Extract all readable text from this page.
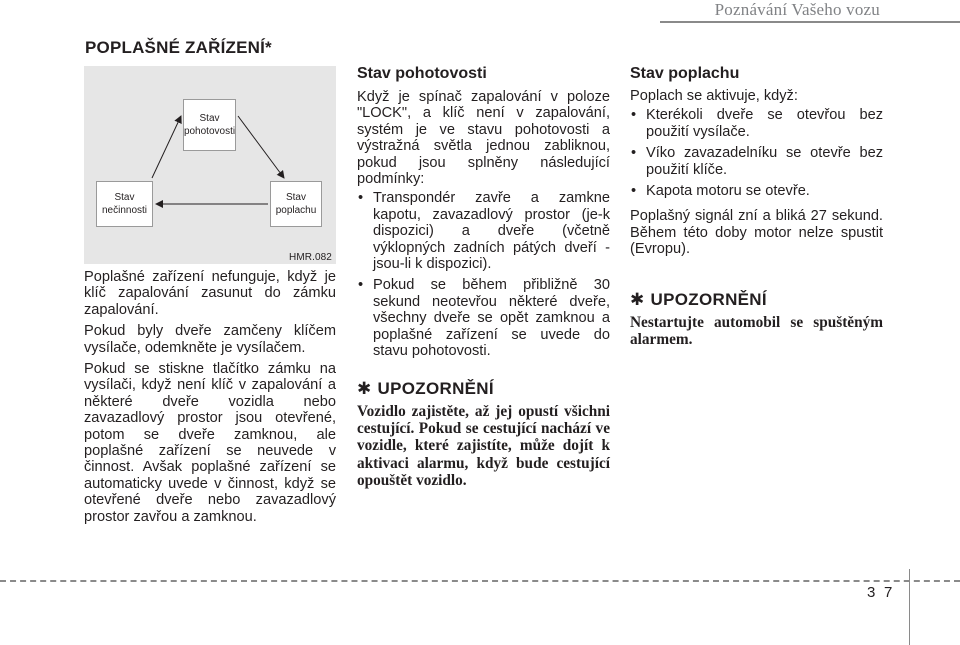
Poznávání Vašeho vozu
POPLAŠNÉ ZAŘÍZENÍ*
Stav pohotovosti
Stav nečinnosti
Stav poplachu
HMR.082

Poplašné zařízení nefunguje, když je klíč zapalování zasunut do zámku zapalování.

Pokud byly dveře zamčeny klíčem vysílače, odemkněte je vysílačem.

Pokud se stiskne tlačítko zámku na vysílači, když není klíč v zapalování a některé dveře vozidla nebo zavazadlový prostor jsou otevřené, potom se dveře zamknou, ale poplašné zařízení se neuvede v činnost. Avšak poplašné zařízení se automaticky uvede v činnost, když se otevřené dveře nebo zavazadlový prostor zavřou a zamknou.

Stav pohotovosti

Když je spínač zapalování v poloze "LOCK", a klíč není v zapalování, systém je ve stavu pohotovosti a výstražná světla jednou zabliknou, pokud jsou splněny následující podmínky:

• Transpondér zavře a zamkne kapotu, zavazadlový prostor (je-k dispozici) a dveře (včetně výklopných zadních pátých dveří - jsou-li k dispozici).
• Pokud se během přibližně 30 sekund neotevřou některé dveře, všechny dveře se opět zamknou a poplašné zařízení se uvede do stavu pohotovosti.
✱ UPOZORNĚNÍ

Vozidlo zajistěte, až jej opustí všichni cestující. Pokud se cestující nachází ve vozidle, které zajistíte, může dojít k aktivaci alarmu, když bude cestující opouštět vozidlo.

Stav poplachu

Poplach se aktivuje, když:

• Kterékoli dveře se otevřou bez použití vysílače.
• Víko zavazadelníku se otevře bez použití klíče.
• Kapota motoru se otevře.

Poplašný signál zní a bliká 27 sekund. Během této doby motor nelze spustit (Evropu).

✱ UPOZORNĚNÍ

Nestartujte automobil se spuštěným alarmem.

3 7
